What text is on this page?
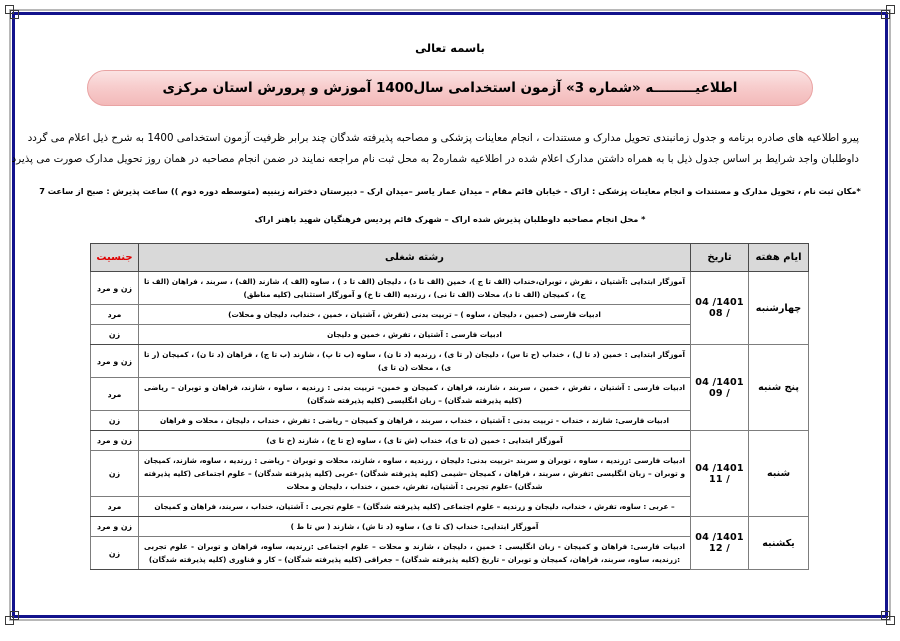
باسمه تعالی
اطلاعیـــــــــه «شماره 3» آزمون استخدامی سال1400 آموزش و پرورش استان مرکزی
پیرو اطلاعیه های صادره برنامه و جدول زمانبندی تحویل مدارک و مستندات ، انجام معاینات پزشکی و مصاحبه پذیرفته شدگان چند برابر ظرفیت آزمون استخدامی 1400 به شرح ذیل اعلام می گردد
داوطلبان واجد شرایط بر اساس جدول ذیل با به همراه داشتن مدارک اعلام شده در اطلاعیه شماره2 به محل ثبت نام مراجعه نمایند در ضمن انجام مصاحبه در همان روز تحویل مدارک صورت می پذیرد
*مکان ثبت نام ، تحویل مدارک و مستندات و انجام معاینات پزشکی : اراک - خیابان قائم مقام – میدان عمار یاسر –میدان ارک – دبیرستان دخترانه زینبیه (متوسطه دوره دوم )) ساعت پذیرش : صبح از ساعت 7
* محل انجام مصاحبه داوطلبان پذیرش شده اراک – شهرک قائم پردیس فرهنگیان شهید باهنر اراک
ایام هفته	تاریخ	رشته شغلی	جنسیت
چهارشنبه	1401/ 04 / 08	آموزگار ابتدایی :آشتیان ، تفرش ، توبران،خنداب (الف تا ج )، خمین (الف تا د) ، دلیجان (الف تا د ) ، ساوه (الف )، شازند (الف) ، سربند ، فراهان (الف تا ج) ، کمیجان (الف تا د)، محلات (الف تا نی) ، زرندیه (الف تا خ) و آموزگار استثنایی (کلیه مناطق)	زن و مرد
		ادبیات فارسی (خمین ، دلیجان ، ساوه ) – تربیت بدنی (تفرش ، آشتیان ، خمین ، خنداب، دلیجان و محلات)	مرد
		ادبیات فارسی : آشتیان ، تفرش ، خمین و دلیجان	زن
پنج شنبه	1401/ 04 / 09	آموزگار ابتدایی : خمین (د تا ل) ، خنداب (ح تا س) ، دلیجان (ر تا ی) ، زرندیه (د تا ن) ، ساوه (ب تا پ) ، شازند (ب تا ج) ، فراهان (د تا ن) ، کمیجان (ر تا ی) ، محلات (ن تا ی)	زن و مرد
		ادبیات فارسی : آشتیان ، تفرش ، خمین ، سربند ، شازند، فراهان ، کمیجان و خمین– تربیت بدنی : زرندیه ، ساوه ، شازند، فراهان و توبران – ریاضی (کلیه پذیرفته شدگان) – زبان انگلیسی (کلیه پذیرفته شدگان)	مرد
		ادبیات فارسی: شازند ، خنداب - تربیت بدنی : آشتیان ، خنداب ، سربند ، فراهان و کمیجان – ریاضی : تفرش ، خنداب ، دلیجان ، محلات و فراهان	زن
شنبه	1401/ 04 / 11	آموزگار ابتدایی : خمین (ن تا ی)، خنداب (ش تا ی) ، ساوه (ج تا خ) ، شازند (خ تا ی)	زن و مرد
		ادبیات فارسی :زرندیه ، ساوه ، توبران و سربند -تربیت بدنی: دلیجان ، زرندیه ، ساوه ، شازند، محلات و توبران - ریاضی : زرندیه ، ساوه، شازند، کمیجان و توبران – زبان انگلیسی :تفرش ، سربند ، فراهان ، کمیجان –شیمی (کلیه پذیرفته شدگان) -عربی (کلیه پذیرفته شدگان) – علوم اجتماعی (کلیه پذیرفته شدگان) -علوم تجربی : آشتیان، تفرش، خمین ، خنداب ، دلیجان و محلات	زن
		– عربی : ساوه، تفرش ، خنداب، دلیجان و زرندیه – علوم اجتماعی (کلیه پذیرفته شدگان) – علوم تجربی : آشتیان، خنداب ، سربند، فراهان و کمیجان	مرد
یکشنبه	1401/ 04 / 12	آموزگار ابتدایی: خنداب (ک تا ی) ، ساوه (د تا ش) ، شازند ( س تا ط )	زن و مرد
		ادبیات فارسی: فراهان و کمیجان - زبان انگلیسی : خمین ، دلیجان ، شازند و محلات – علوم اجتماعی :زرندیه، ساوه، فراهان و توبران - علوم تجربی :زرندیه، ساوه، سربند، فراهان، کمیجان و توبران – تاریخ (کلیه پذیرفته شدگان) – جغرافی (کلیه پذیرفته شدگان) – کار و فناوری (کلیه پذیرفته شدگان)	زن
